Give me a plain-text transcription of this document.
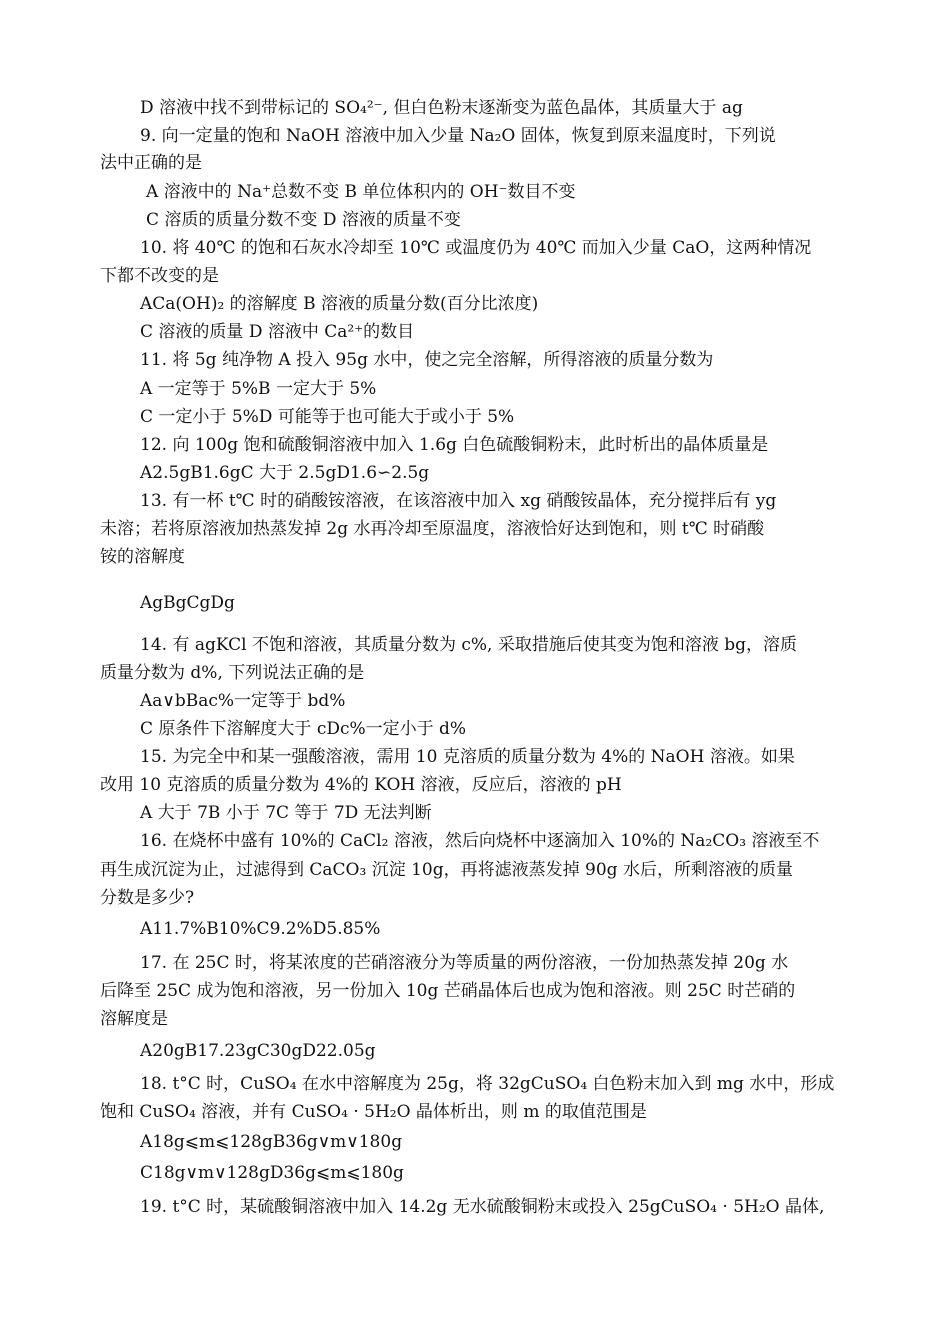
D 溶液中找不到带标记的 SO₄²⁻, 但白色粉末逐渐变为蓝色晶体，其质量大于 ag
9. 向一定量的饱和 NaOH 溶液中加入少量 Na₂O 固体，恢复到原来温度时，下列说
法中正确的是
A 溶液中的 Na⁺总数不变 B 单位体积内的 OH⁻数目不变
C 溶质的质量分数不变 D 溶液的质量不变
10. 将 40℃ 的饱和石灰水冷却至 10℃ 或温度仍为 40℃ 而加入少量 CaO，这两种情况
下都不改变的是
ACa(OH)₂ 的溶解度 B 溶液的质量分数(百分比浓度)
C 溶液的质量 D 溶液中 Ca²⁺的数目
11. 将 5g 纯净物 A 投入 95g 水中，使之完全溶解，所得溶液的质量分数为
A 一定等于 5%B 一定大于 5%
C 一定小于 5%D 可能等于也可能大于或小于 5%
12. 向 100g 饱和硫酸铜溶液中加入 1.6g 白色硫酸铜粉末，此时析出的晶体质量是
A2.5gB1.6gC 大于 2.5gD1.6∽2.5g
13. 有一杯 t℃ 时的硝酸铵溶液，在该溶液中加入 xg 硝酸铵晶体，充分搅拌后有 yg
未溶；若将原溶液加热蒸发掉 2g 水再冷却至原温度，溶液恰好达到饱和，则 t℃ 时硝酸
铵的溶解度
AgBgCgDg
14. 有 agKCl 不饱和溶液，其质量分数为 c%, 采取措施后使其变为饱和溶液 bg，溶质
质量分数为 d%, 下列说法正确的是
Aa∨bBac%一定等于 bd%
C 原条件下溶解度大于 cDc%一定小于 d%
15. 为完全中和某一强酸溶液，需用 10 克溶质的质量分数为 4%的 NaOH 溶液。如果
改用 10 克溶质的质量分数为 4%的 KOH 溶液，反应后，溶液的 pH
A 大于 7B 小于 7C 等于 7D 无法判断
16. 在烧杯中盛有 10%的 CaCl₂ 溶液，然后向烧杯中逐滴加入 10%的 Na₂CO₃ 溶液至不
再生成沉淀为止，过滤得到 CaCO₃ 沉淀 10g，再将滤液蒸发掉 90g 水后，所剩溶液的质量
分数是多少?
A11.7%B10%C9.2%D5.85%
17. 在 25C 时，将某浓度的芒硝溶液分为等质量的两份溶液，一份加热蒸发掉 20g 水
后降至 25C 成为饱和溶液，另一份加入 10g 芒硝晶体后也成为饱和溶液。则 25C 时芒硝的
溶解度是
A20gB17.23gC30gD22.05g
18. t°C 时，CuSO₄ 在水中溶解度为 25g，将 32gCuSO₄ 白色粉末加入到 mg 水中，形成
饱和 CuSO₄ 溶液，并有 CuSO₄ · 5H₂O 晶体析出，则 m 的取值范围是
A18g⩽m⩽128gB36g∨m∨180g
C18g∨m∨128gD36g⩽m⩽180g
19. t°C 时，某硫酸铜溶液中加入 14.2g 无水硫酸铜粉末或投入 25gCuSO₄ · 5H₂O 晶体,
